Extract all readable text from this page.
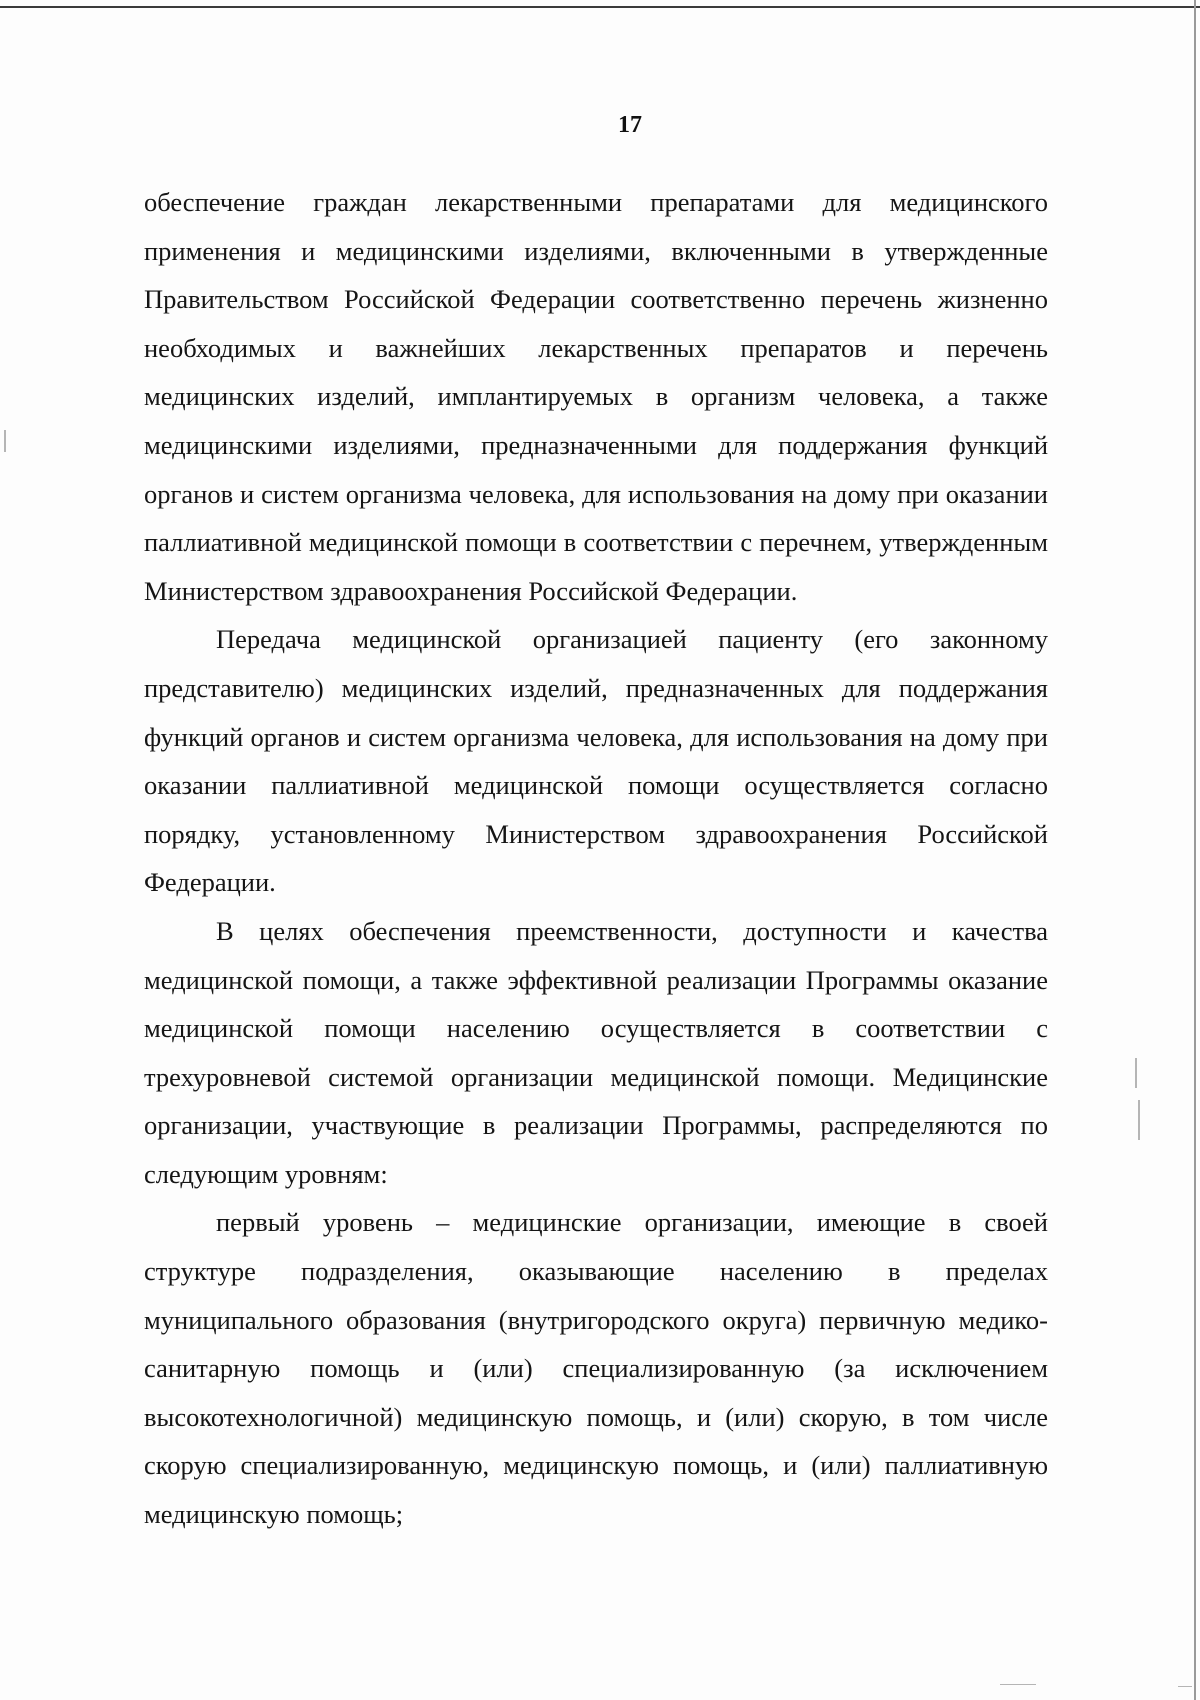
17

обеспечение граждан лекарственными препаратами для медицинского применения и медицинскими изделиями, включенными в утвержденные Правительством Российской Федерации соответственно перечень жизненно необходимых и важнейших лекарственных препаратов и перечень медицинских изделий, имплантируемых в организм человека, а также медицинскими изделиями, предназначенными для поддержания функций органов и систем организма человека, для использования на дому при оказании паллиативной медицинской помощи в соответствии с перечнем, утвержденным Министерством здравоохранения Российской Федерации.

Передача медицинской организацией пациенту (его законному представителю) медицинских изделий, предназначенных для поддержания функций органов и систем организма человека, для использования на дому при оказании паллиативной медицинской помощи осуществляется согласно порядку, установленному Министерством здравоохранения Российской Федерации.

В целях обеспечения преемственности, доступности и качества медицинской помощи, а также эффективной реализации Программы оказание медицинской помощи населению осуществляется в соответствии с трехуровневой системой организации медицинской помощи. Медицинские организации, участвующие в реализации Программы, распределяются по следующим уровням:

первый уровень – медицинские организации, имеющие в своей структуре подразделения, оказывающие населению в пределах муниципального образования (внутригородского округа) первичную медико-санитарную помощь и (или) специализированную (за исключением высокотехнологичной) медицинскую помощь, и (или) скорую, в том числе скорую специализированную, медицинскую помощь, и (или) паллиативную медицинскую помощь;
